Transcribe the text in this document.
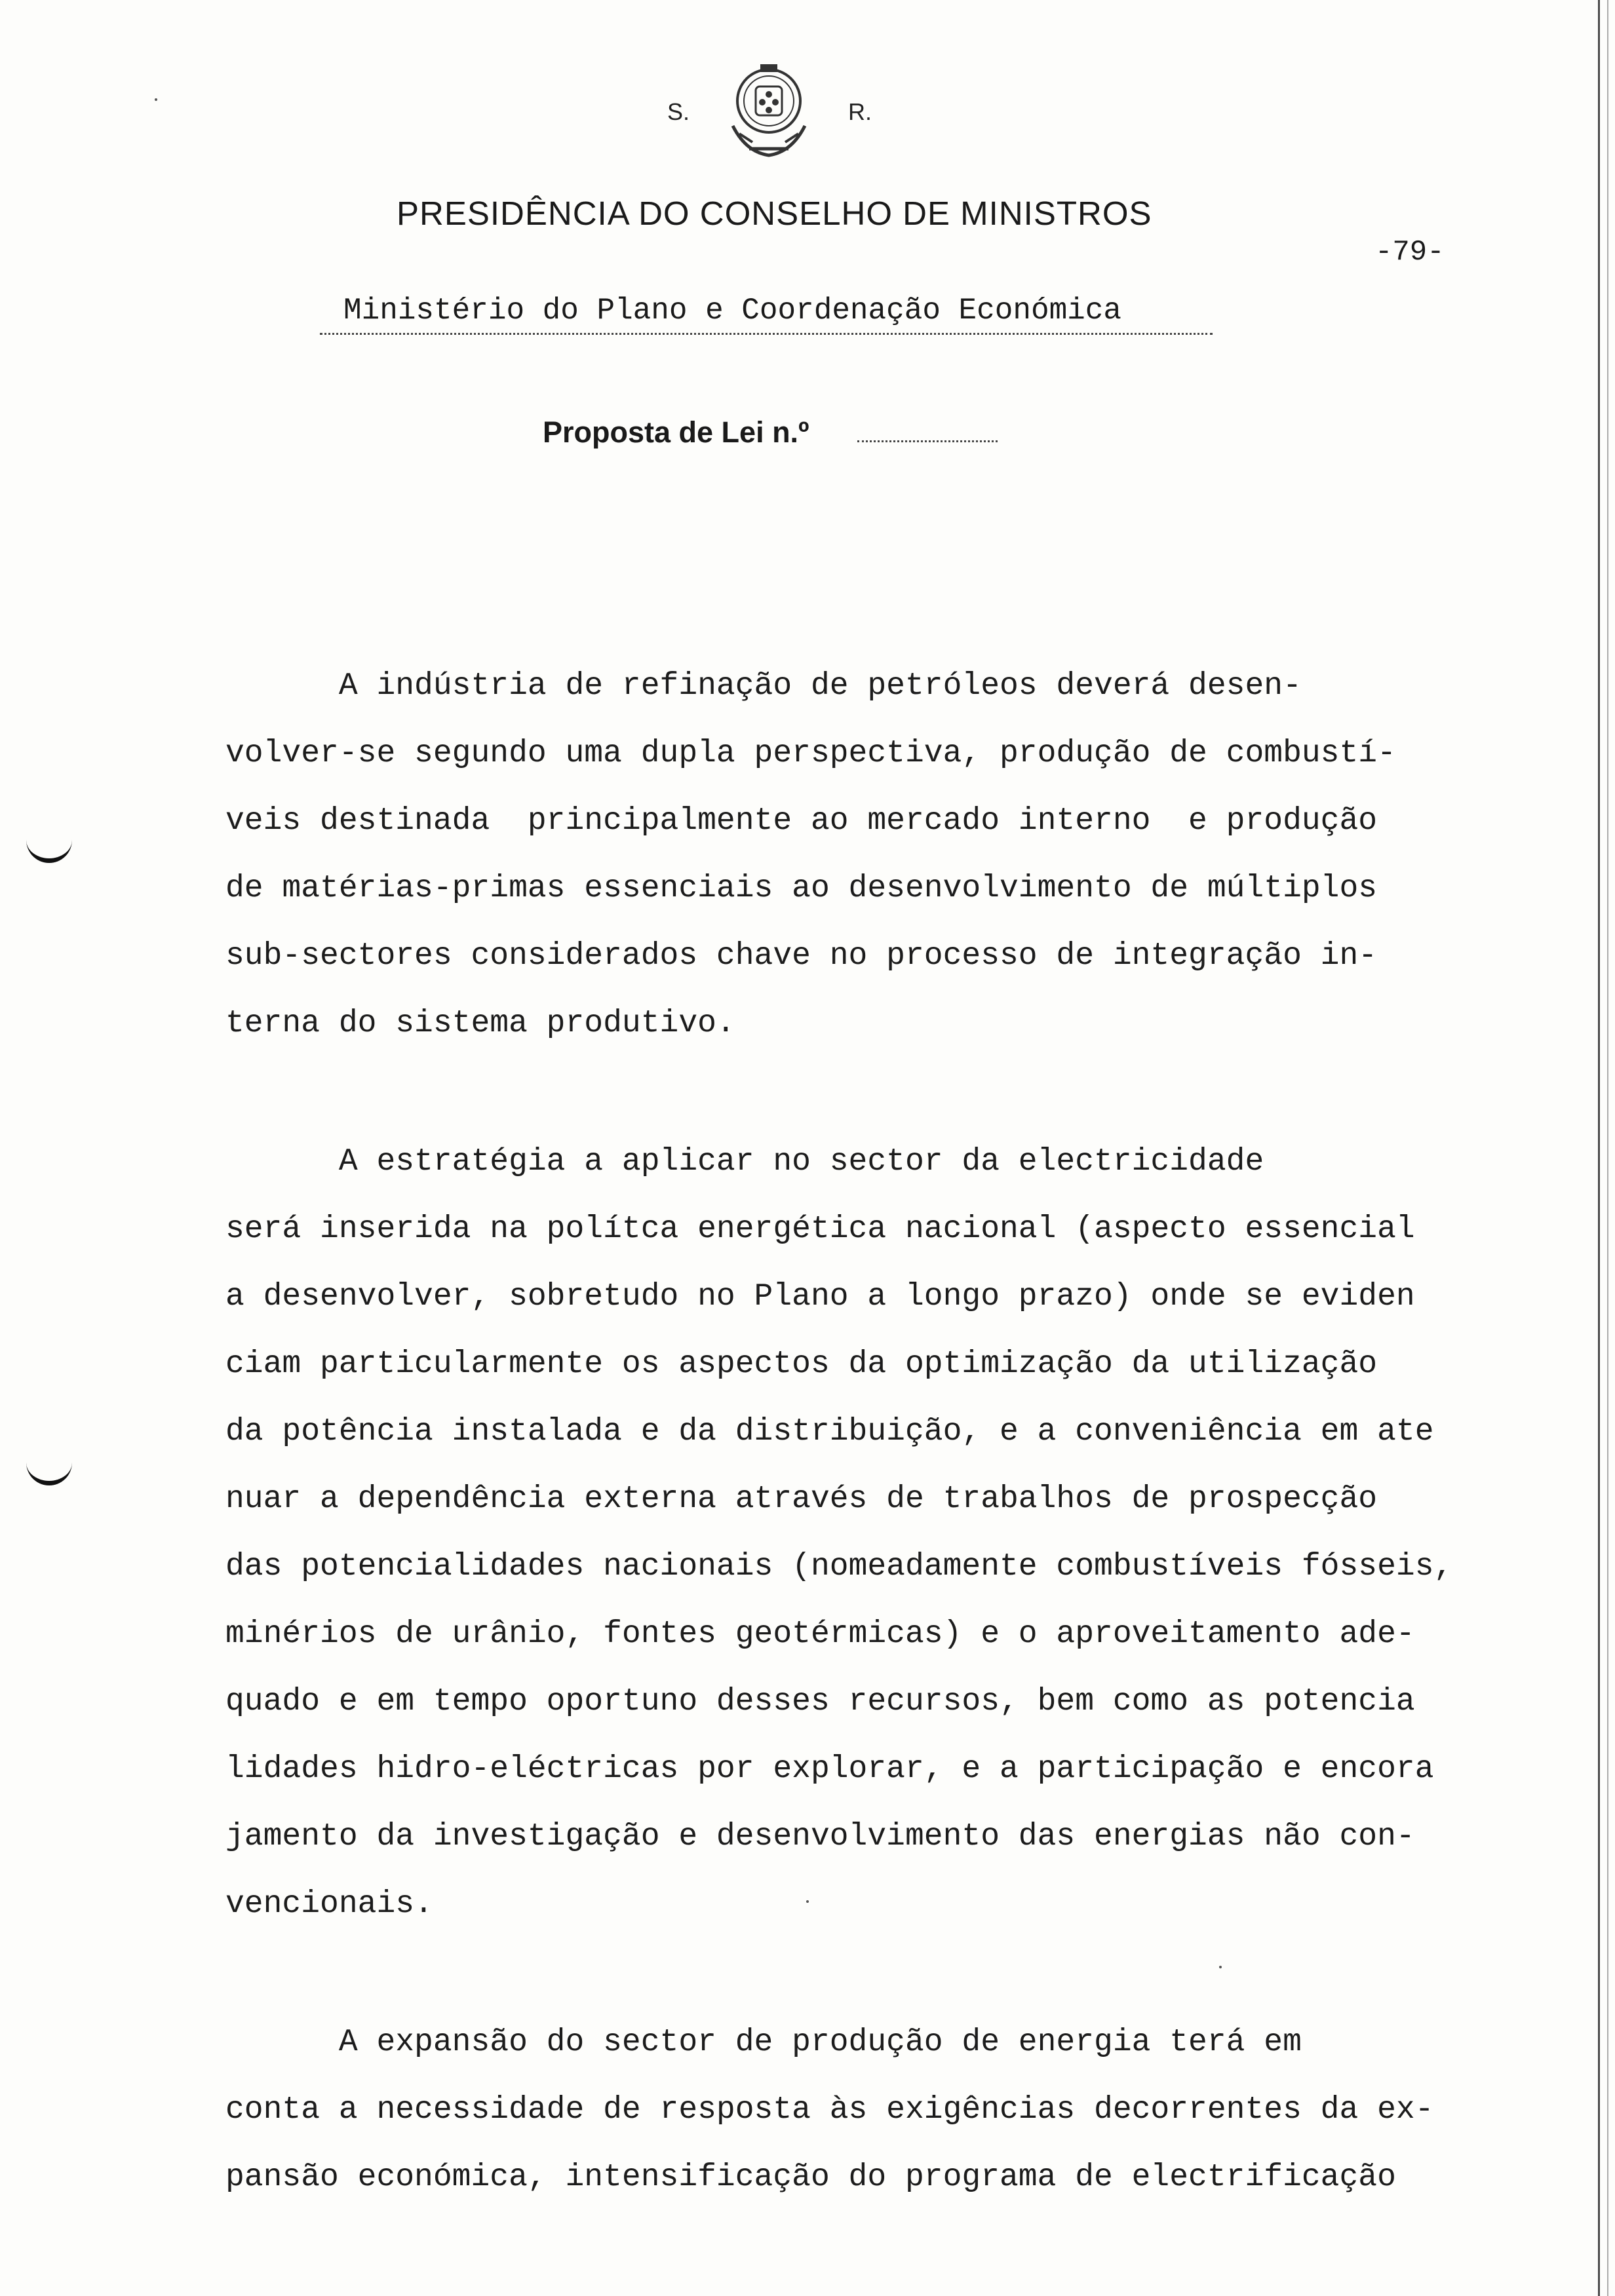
S.	R.
PRESIDÊNCIA DO CONSELHO DE MINISTROS
-79-
Ministério do Plano e Coordenação Económica
Proposta de Lei n.º
A indústria de refinação de petróleos deverá desen-
volver-se segundo uma dupla perspectiva, produção de combustí-
veis destinada  principalmente ao mercado interno  e produção
de matérias-primas essenciais ao desenvolvimento de múltiplos
sub-sectores considerados chave no processo de integração in-
terna do sistema produtivo.
A estratégia a aplicar no sector da electricidade
será inserida na polítca energética nacional (aspecto essencial
a desenvolver, sobretudo no Plano a longo prazo) onde se eviden
ciam particularmente os aspectos da optimização da utilização
da potência instalada e da distribuição, e a conveniência em ate
nuar a dependência externa através de trabalhos de prospecção
das potencialidades nacionais (nomeadamente combustíveis fósseis,
minérios de urânio, fontes geotérmicas) e o aproveitamento ade-
quado e em tempo oportuno desses recursos, bem como as potencia
lidades hidro-eléctricas por explorar, e a participação e encora
jamento da investigação e desenvolvimento das energias não con-
vencionais.
A expansão do sector de produção de energia terá em
conta a necessidade de resposta às exigências decorrentes da ex-
pansão económica, intensificação do programa de electrificação
